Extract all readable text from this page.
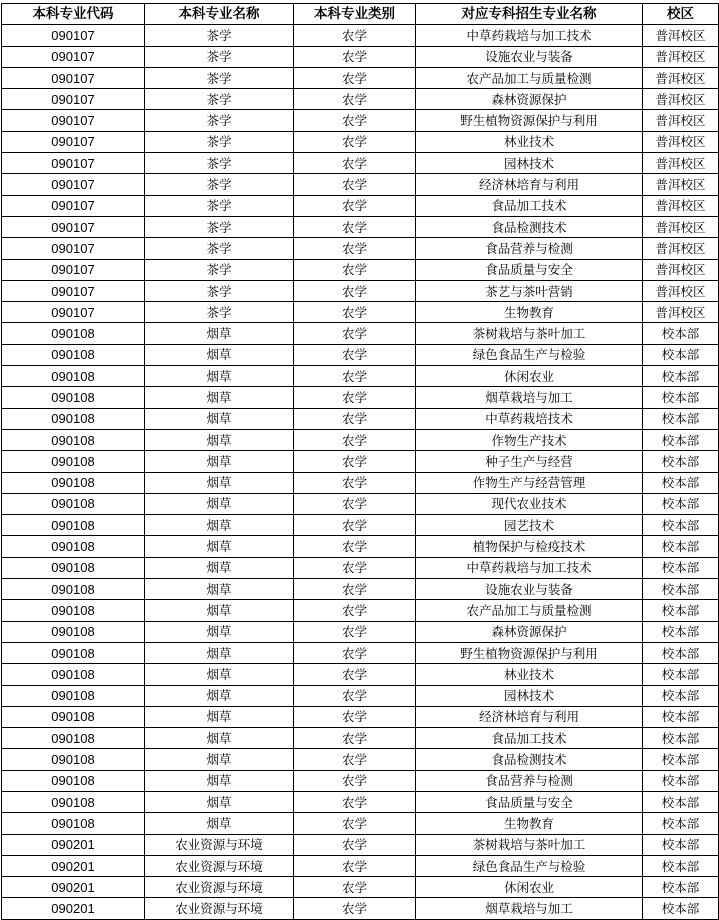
本科专业代码	本科专业名称	本科专业类别	对应专科招生专业名称	校区
090107	茶学	农学	中草药栽培与加工技术	普洱校区
090107	茶学	农学	设施农业与装备	普洱校区
090107	茶学	农学	农产品加工与质量检测	普洱校区
090107	茶学	农学	森林资源保护	普洱校区
090107	茶学	农学	野生植物资源保护与利用	普洱校区
090107	茶学	农学	林业技术	普洱校区
090107	茶学	农学	园林技术	普洱校区
090107	茶学	农学	经济林培育与利用	普洱校区
090107	茶学	农学	食品加工技术	普洱校区
090107	茶学	农学	食品检测技术	普洱校区
090107	茶学	农学	食品营养与检测	普洱校区
090107	茶学	农学	食品质量与安全	普洱校区
090107	茶学	农学	茶艺与茶叶营销	普洱校区
090107	茶学	农学	生物教育	普洱校区
090108	烟草	农学	茶树栽培与茶叶加工	校本部
090108	烟草	农学	绿色食品生产与检验	校本部
090108	烟草	农学	休闲农业	校本部
090108	烟草	农学	烟草栽培与加工	校本部
090108	烟草	农学	中草药栽培技术	校本部
090108	烟草	农学	作物生产技术	校本部
090108	烟草	农学	种子生产与经营	校本部
090108	烟草	农学	作物生产与经营管理	校本部
090108	烟草	农学	现代农业技术	校本部
090108	烟草	农学	园艺技术	校本部
090108	烟草	农学	植物保护与检疫技术	校本部
090108	烟草	农学	中草药栽培与加工技术	校本部
090108	烟草	农学	设施农业与装备	校本部
090108	烟草	农学	农产品加工与质量检测	校本部
090108	烟草	农学	森林资源保护	校本部
090108	烟草	农学	野生植物资源保护与利用	校本部
090108	烟草	农学	林业技术	校本部
090108	烟草	农学	园林技术	校本部
090108	烟草	农学	经济林培育与利用	校本部
090108	烟草	农学	食品加工技术	校本部
090108	烟草	农学	食品检测技术	校本部
090108	烟草	农学	食品营养与检测	校本部
090108	烟草	农学	食品质量与安全	校本部
090108	烟草	农学	生物教育	校本部
090201	农业资源与环境	农学	茶树栽培与茶叶加工	校本部
090201	农业资源与环境	农学	绿色食品生产与检验	校本部
090201	农业资源与环境	农学	休闲农业	校本部
090201	农业资源与环境	农学	烟草栽培与加工	校本部
